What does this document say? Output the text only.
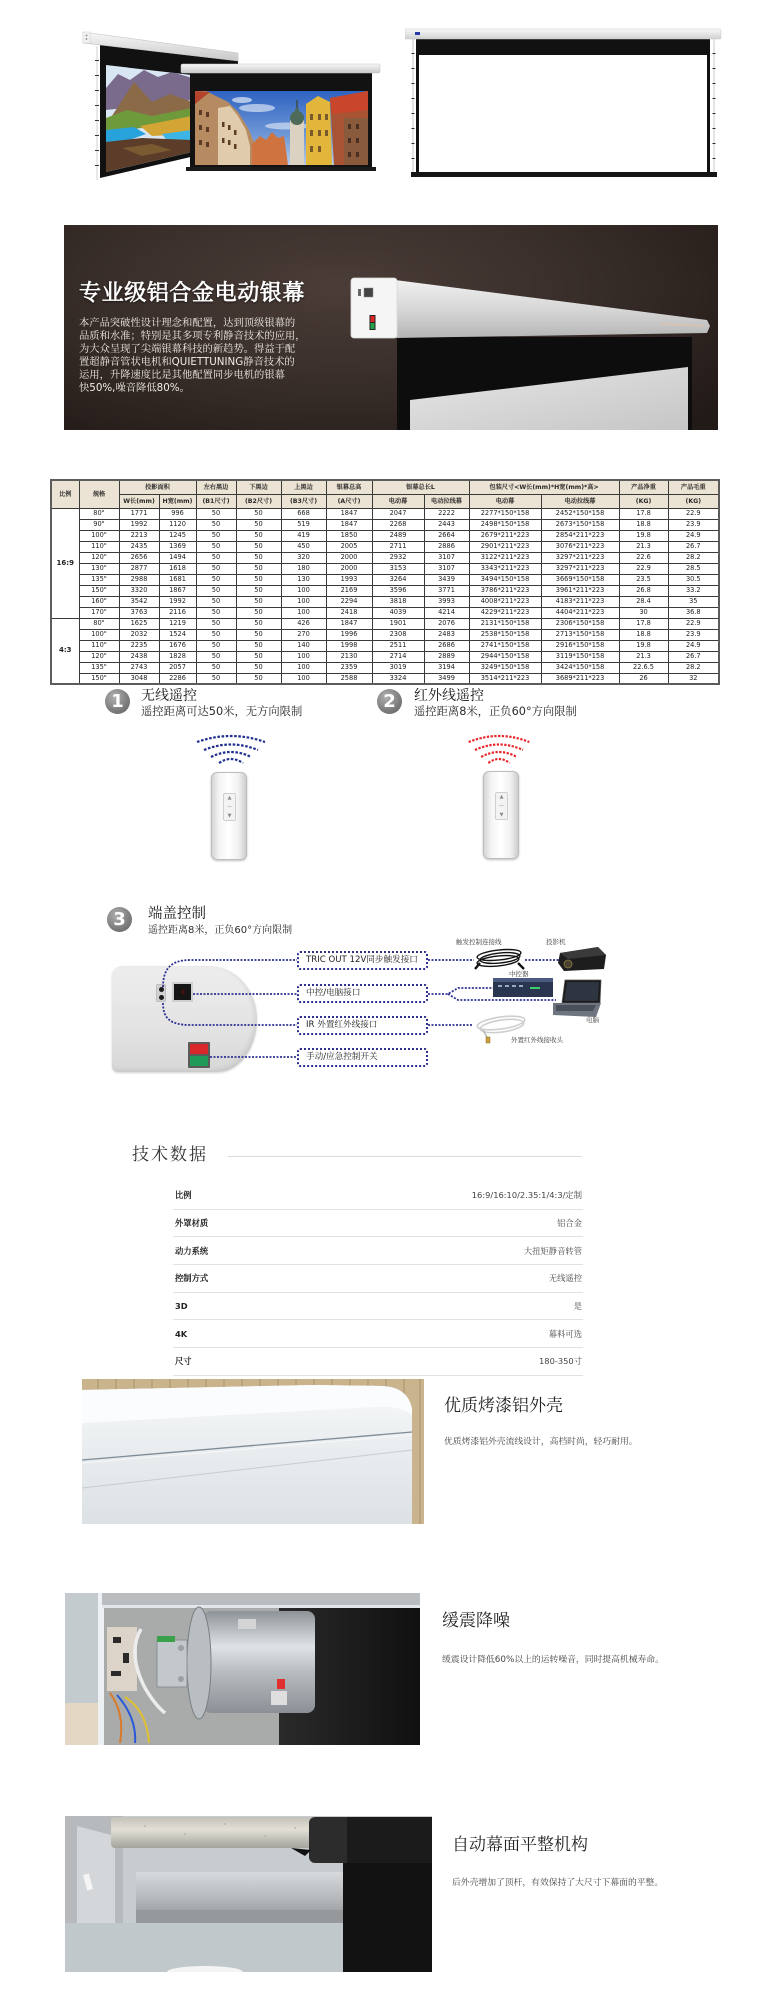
专业级铝合金电动银幕
本产品突破性设计理念和配置，达到顶级银幕的
品质和水准；特别是其多项专利静音技术的应用，
为大众呈现了尖端银幕科技的新趋势。得益于配
置超静音管状电机和QUIETTUNING静音技术的
运用，升降速度比是其他配置同步电机的银幕
快50%,噪音降低80%。
比例	规格	投影面积		左右黑边	下黑边	上黑边	银幕总高	银幕总长L		包装尺寸<W长(mm)*H宽(mm)*高>		产品净重	产品毛重
		W长(mm)	H宽(mm)	(B1尺寸)	(B2尺寸)	(B3尺寸)	(A尺寸)	电动幕	电动拉线幕	电动幕	电动拉线幕	(KG)	(KG)
16:9	80"	1771	996	50	50	668	1847	2047	2222	2277*150*158	2452*150*158	17.8	22.9
	90"	1992	1120	50	50	519	1847	2268	2443	2498*150*158	2673*150*158	18.8	23.9
	100"	2213	1245	50	50	419	1850	2489	2664	2679*211*223	2854*211*223	19.8	24.9
	110"	2435	1369	50	50	450	2005	2711	2886	2901*211*223	3076*211*223	21.3	26.7
	120"	2656	1494	50	50	320	2000	2932	3107	3122*211*223	3297*211*223	22.6	28.2
	130"	2877	1618	50	50	180	2000	3153	3107	3343*211*223	3297*211*223	22.9	28.5
	135"	2988	1681	50	50	130	1993	3264	3439	3494*150*158	3669*150*158	23.5	30.5
	150"	3320	1867	50	50	100	2169	3596	3771	3786*211*223	3961*211*223	26.8	33.2
	160"	3542	1992	50	50	100	2294	3818	3993	4008*211*223	4183*211*223	28.4	35
	170"	3763	2116	50	50	100	2418	4039	4214	4229*211*223	4404*211*223	30	36.8
4:3	80"	1625	1219	50	50	426	1847	1901	2076	2131*150*158	2306*150*158	17.8	22.9
	100"	2032	1524	50	50	270	1996	2308	2483	2538*150*158	2713*150*158	18.8	23.9
	110"	2235	1676	50	50	140	1998	2511	2686	2741*150*158	2916*150*158	19.8	24.9
	120"	2438	1828	50	50	100	2130	2714	2889	2944*150*158	3119*150*158	21.3	26.7
	135"	2743	2057	50	50	100	2359	3019	3194	3249*150*158	3424*150*158	22.6.5	28.2
	150"	3048	2286	50	50	100	2588	3324	3499	3514*211*223	3689*211*223	26	32
1	无线遥控
遥控距离可达50米，无方向限制
▲
—
▼
2	红外线遥控
遥控距离8米，正负60°方向限制
▲
—
▼
3	端盖控制
遥控距离8米，正负60°方向限制
TRIC OUT 12V同步触发接口
中控/电脑接口
IR 外置红外线接口
手动/应急控制开关
触发控制连接线	投影机
中控器
电脑
外置红外线接收头
技术数据
比例	16:9/16:10/2.35:1/4:3/定制
外罩材质	铝合金
动力系统	大扭矩静音转管
控制方式	无线遥控
3D	是
4K	幕料可选
尺寸	180-350寸
优质烤漆铝外壳
优质烤漆铝外壳流线设计，高档时尚，轻巧耐用。
缓震降噪
缓震设计降低60%以上的运转噪音，同时提高机械寿命。
自动幕面平整机构
后外壳增加了顶杆，有效保持了大尺寸下幕面的平整。
